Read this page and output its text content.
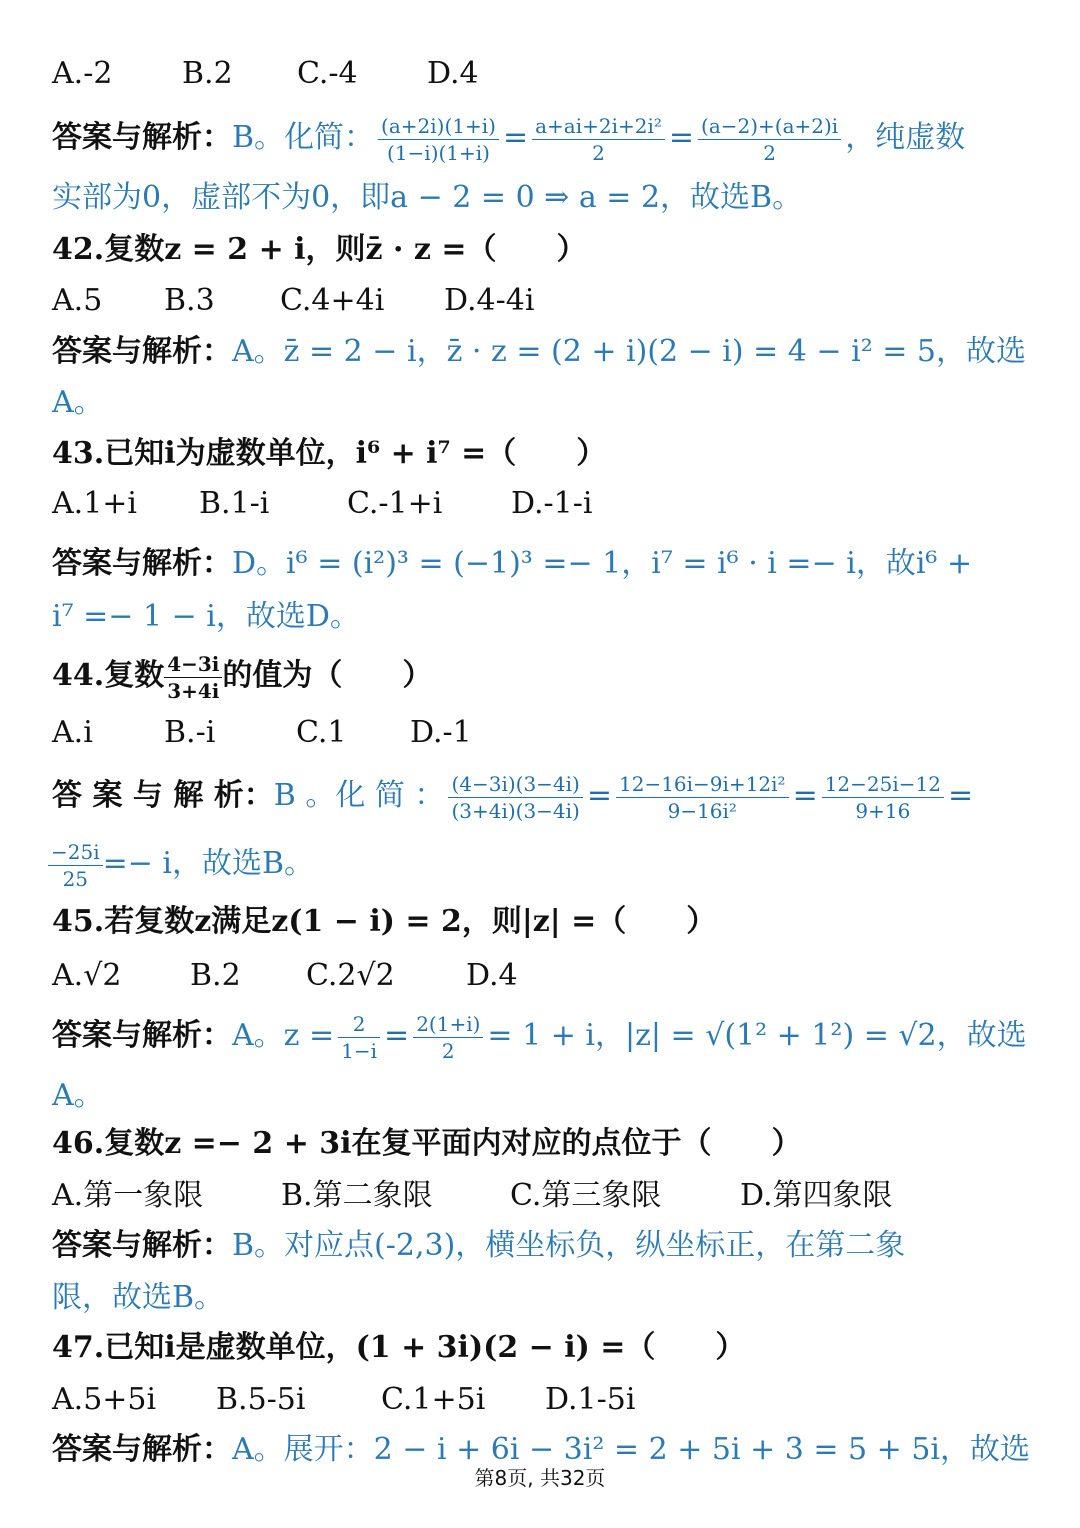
A.-2 B.2 C.-4 D.4
答案与解析：B。化简： $\frac{(a+2i)(1+i)}{(1-i)(1+i)} = \frac{\text{a+ai+2i+2i²}}{2} = \frac{(a-2)+(a+2)i}{2}$ ，纯虚数
实部为0，虚部不为0，即a − 2 = 0 ⇒ a = 2，故选B。
42.复数z = 2 + i，则z̄ · z =（　　）
A.5 B.3 C.4+4i D.4-4i
答案与解析：A。z̄ = 2 − i，z̄ · z = (2 + i)(2 − i) = 4 − i² = 5，故选
A。
43.已知i为虚数单位，i⁶ + i⁷ =（　　）
A.1+i B.1-i	C.-1+i D.-1-i
答案与解析：D。i⁶ = (i²)³ = (−1)³ =− 1，i⁷ = i⁶ · i =− i，故i⁶ +
i⁷ =− 1 − i，故选D。
44.复数 $\frac{4-3i}{3+4i}$ 的值为（　　）
A.i B.-i	C.1 D.-1
答 案 与 解 析：B 。化 简 ： $\frac{(4-3i)(3-4i)}{(3+4i)(3-4i)} = \frac{\text{12−16i−9i+12i²}}{\text{9−16i²}} = \frac{12-25i-12}{9+16}$ =
$\frac{-25i}{25} =- i$，故选B。
45.若复数z满足z(1 − i) = 2，则|z| =（　　）
A.√2 B.2 C.2√2 D.4
答案与解析：A。$z = \frac{2}{1-i} = \frac{2(1+i)}{2} = 1 + i$，|z| = √(1² + 1²) = √2，故选
A。
46.复数z =− 2 + 3i在复平面内对应的点位于（　　）
A.第一象限	B.第二象限	C.第三象限	D.第四象限
答案与解析：B。对应点(-2,3)，横坐标负，纵坐标正，在第二象
限，故选B。
47.已知i是虚数单位，(1 + 3i)(2 − i) =（　　）
A.5+5i B.5-5i	C.1+5i D.1-5i
答案与解析：A。展开：2 − i + 6i − 3i² = 2 + 5i + 3 = 5 + 5i，故选
第8页, 共32页
